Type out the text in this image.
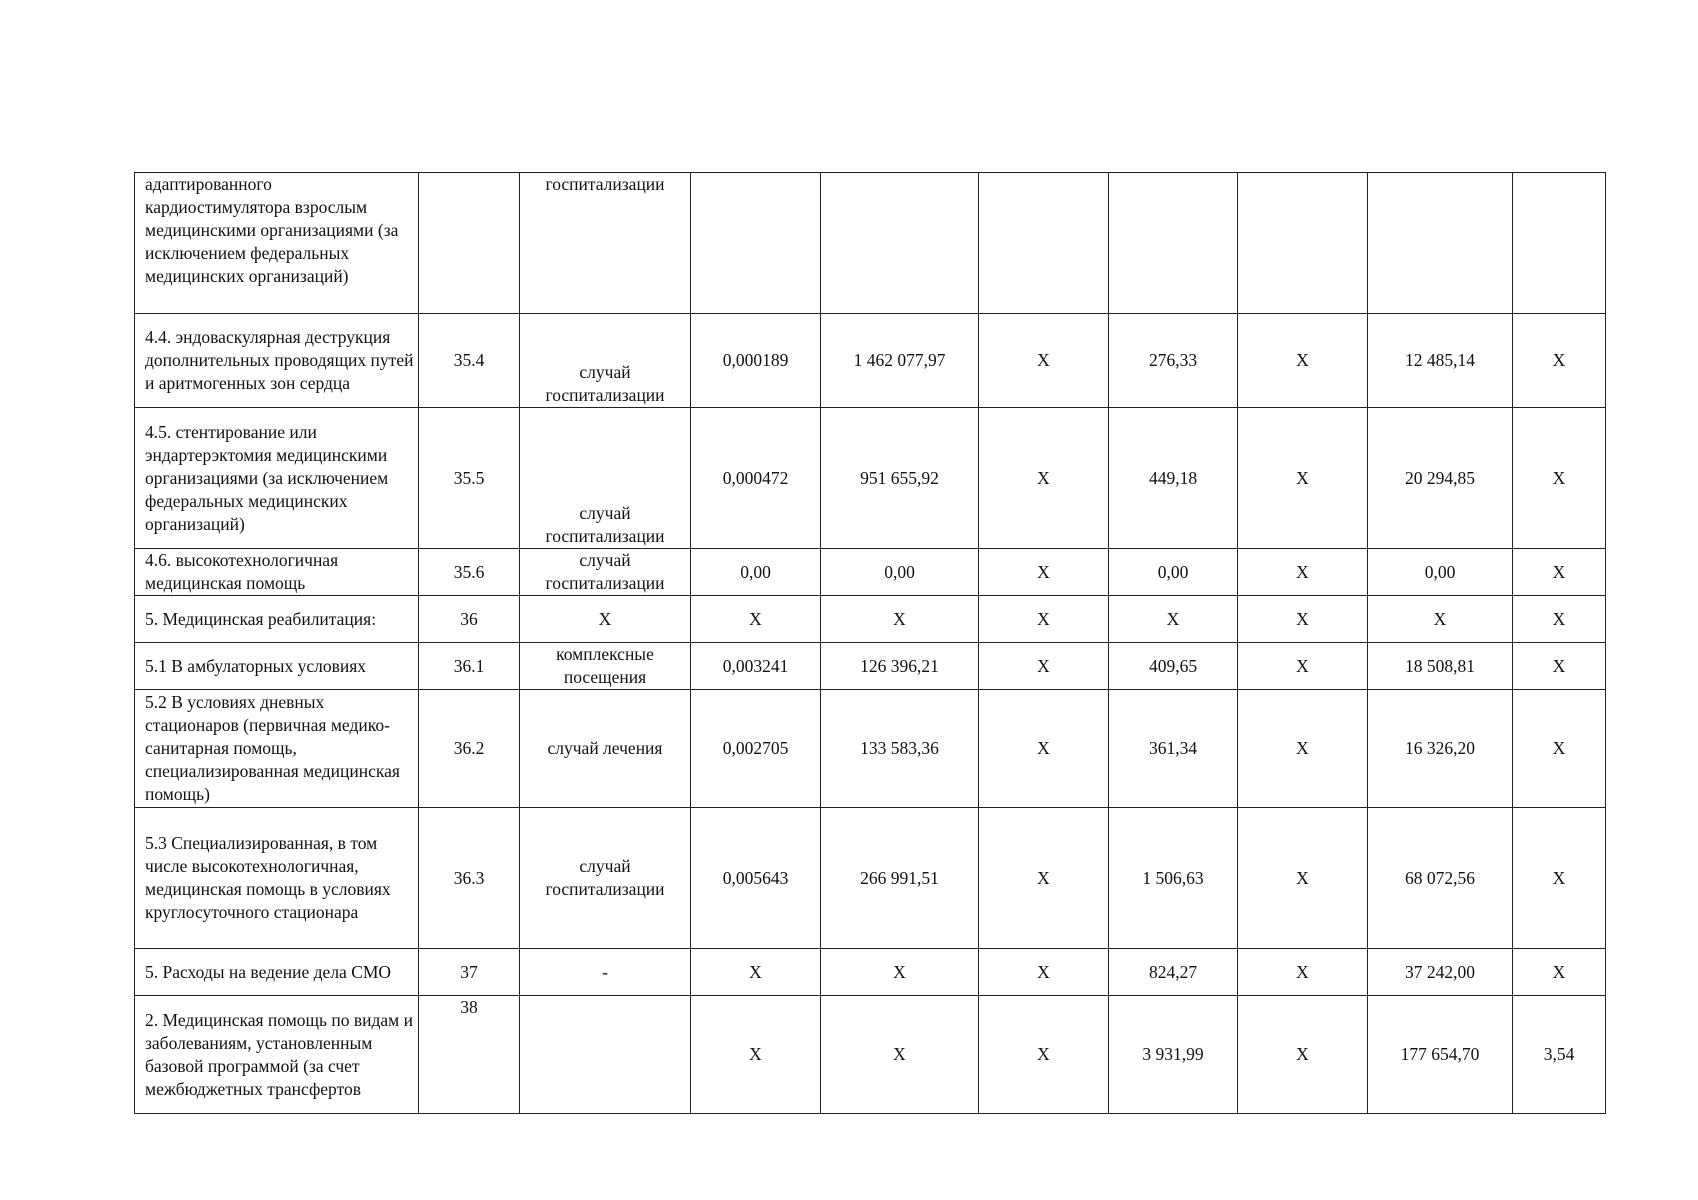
адаптированного кардиостимулятора взрослым медицинскими организациями (за исключением федеральных медицинских организаций)		госпитализации							
4.4. эндоваскулярная деструкция дополнительных проводящих путей и аритмогенных зон сердца	35.4	случай госпитализации	0,000189	1 462 077,97	X	276,33	X	12 485,14	X
4.5. стентирование или эндартерэктомия медицинскими организациями (за исключением федеральных медицинских организаций)	35.5	случай госпитализации	0,000472	951 655,92	X	449,18	X	20 294,85	X
4.6. высокотехнологичная медицинская помощь	35.6	случай госпитализации	0,00	0,00	X	0,00	X	0,00	X
5. Медицинская реабилитация:	36	X	X	X	X	X	X	X	X
5.1 В амбулаторных условиях	36.1	комплексные посещения	0,003241	126 396,21	X	409,65	X	18 508,81	X
5.2 В условиях дневных стационаров (первичная медико-санитарная помощь, специализированная медицинская помощь)	36.2	случай лечения	0,002705	133 583,36	X	361,34	X	16 326,20	X
5.3 Специализированная, в том числе высокотехнологичная, медицинская помощь в условиях круглосуточного стационара	36.3	случай госпитализации	0,005643	266 991,51	X	1 506,63	X	68 072,56	X
5. Расходы на ведение дела СМО	37	-	X	X	X	824,27	X	37 242,00	X
2. Медицинская помощь по видам и заболеваниям, установленным базовой программой (за счет межбюджетных трансфертов	38		X	X	X	3 931,99	X	177 654,70	3,54
